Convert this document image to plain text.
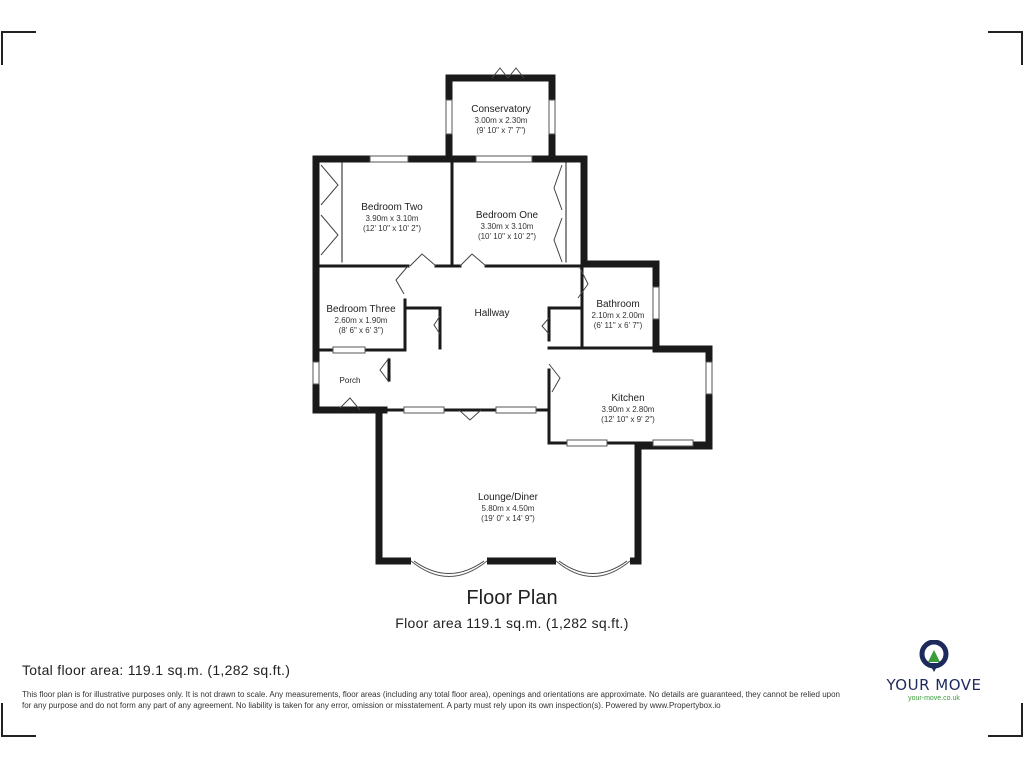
Conservatory
3.00m x 2.30m
(9' 10" x 7' 7")
Bedroom Two
3.90m x 3.10m
(12' 10" x 10' 2")
Bedroom One
3.30m x 3.10m
(10' 10" x 10' 2")
Bedroom Three
2.60m x 1.90m
(8' 6" x 6' 3")
Hallway
Bathroom
2.10m x 2.00m
(6' 11" x 6' 7")
Porch
Kitchen
3.90m x 2.80m
(12' 10" x 9' 2")
Lounge/Diner
5.80m x 4.50m
(19' 0" x 14' 9")
Floor Plan
Floor area 119.1 sq.m. (1,282 sq.ft.)
Total floor area: 119.1 sq.m. (1,282 sq.ft.)
This floor plan is for illustrative purposes only. It is not drawn to scale. Any measurements, floor areas (including any total floor area), openings and orientations are approximate. No details are guaranteed, they cannot be relied upon for any purpose and do not form any part of any agreement. No liability is taken for any error, omission or misstatement. A party must rely upon its own inspection(s). Powered by www.Propertybox.io
YOUR MOVE
your-move.co.uk
